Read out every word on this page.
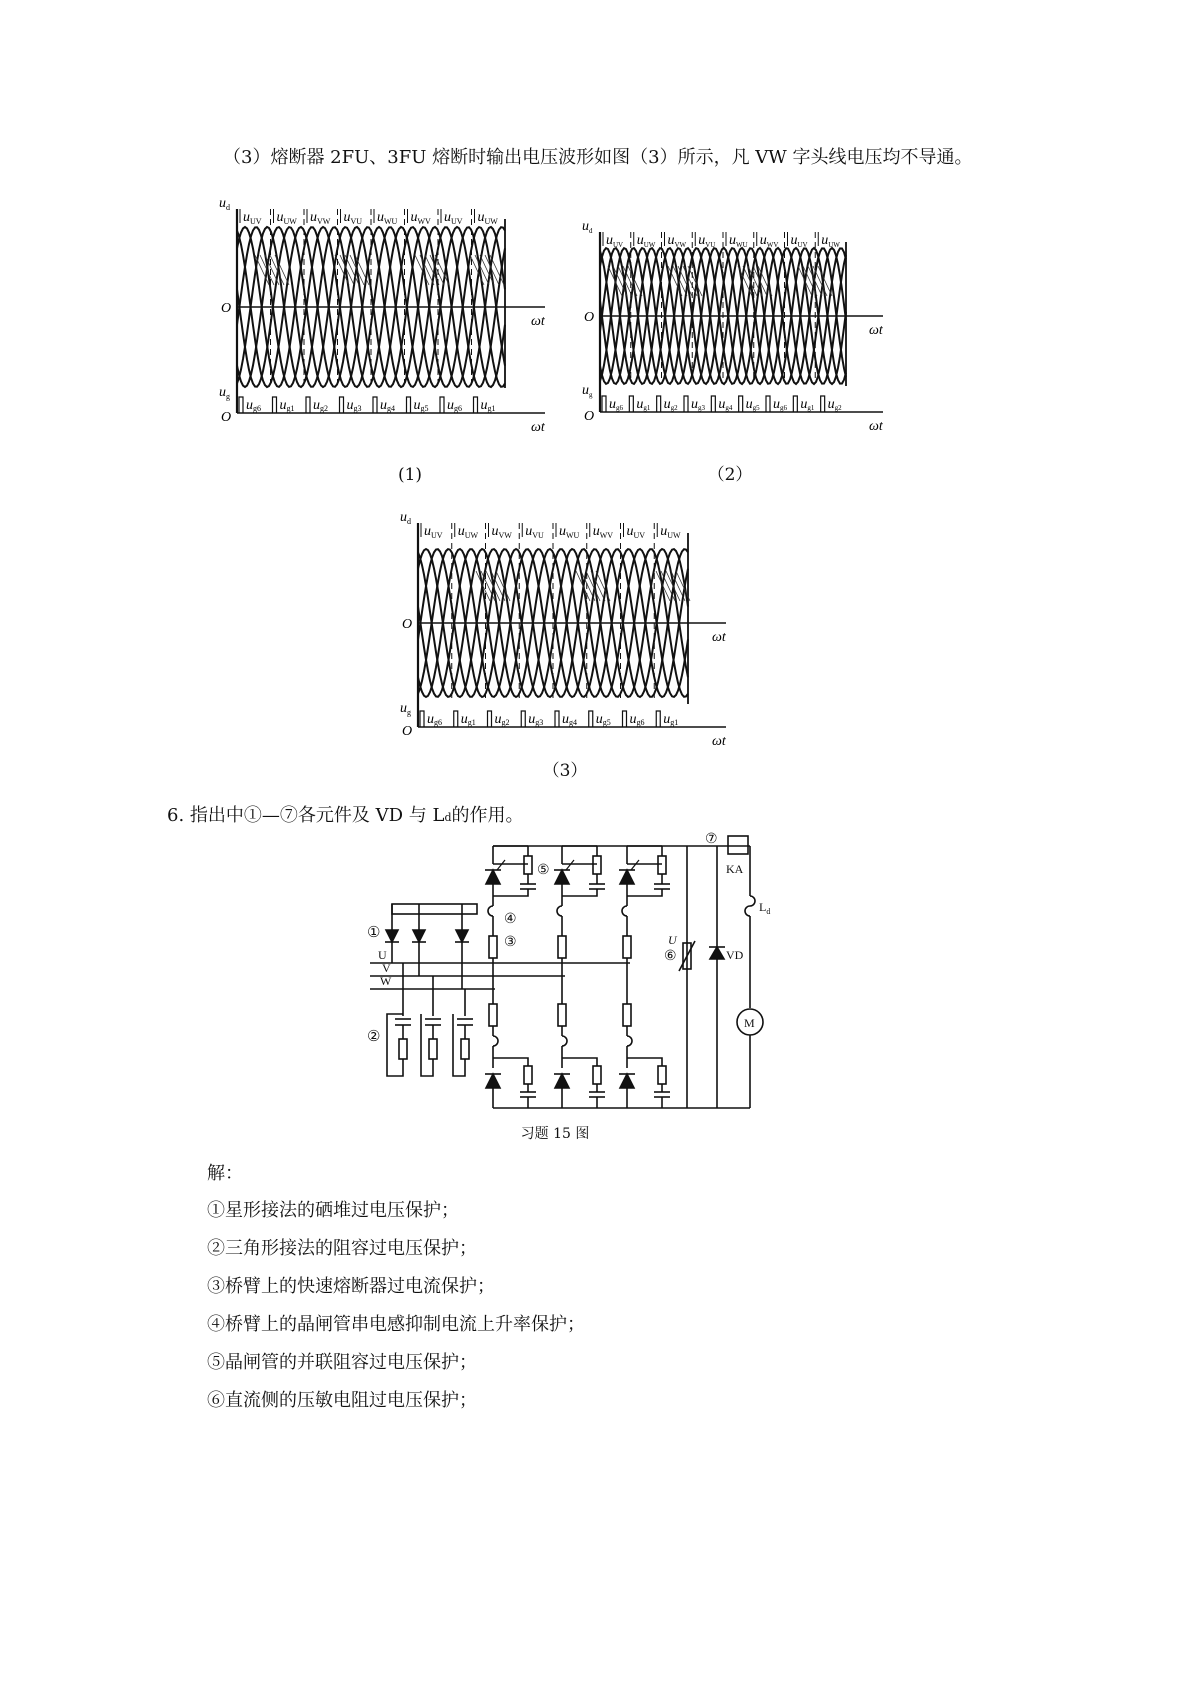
（3）熔断器 2FU、3FU 熔断时输出电压波形如图（3）所示，凡 VW 字头线电压均不导通。
$u_{UV}$ $u_{UW}$ $u_{VW}$ $u_{VU}$ $u_{WU}$ $u_{WV}$ $u_{UV}$ $u_{UW}$
ug6 ug1 ug2 ug3 ug4 ug5 ug6 ug1
$u_d$
$u_g$
O
O
ωt
ωt
$u_{UV}$ $u_{UW}$ $u_{VW}$ $u_{VU}$ $u_{WU}$ $u_{WV}$ $u_{UV}$ $u_{UW}$
ug6 ug1 ug2 ug3 ug4 ug5 ug6 ug1 ug2
$u_d$
$u_g$
O
O
ωt
ωt
(1)	（2）
$u_{UV}$ $u_{UW}$ $u_{VW}$ $u_{VU}$ $u_{WU}$ $u_{WV}$ $u_{UV}$ $u_{UW}$
ug6 ug1 ug2 ug3 ug4 ug5 ug6 ug1
$u_d$
$u_g$
O
O
ωt
ωt
（3）
6. 指出中①—⑦各元件及 VD 与 Ld的作用。
U
V
W
①
②
⑤
④
③	U
⑥	VD
⑦
KA
$L_d$
M
习题 15 图
解：
①星形接法的硒堆过电压保护；
②三角形接法的阻容过电压保护；
③桥臂上的快速熔断器过电流保护；
④桥臂上的晶闸管串电感抑制电流上升率保护；
⑤晶闸管的并联阻容过电压保护；
⑥直流侧的压敏电阻过电压保护；
